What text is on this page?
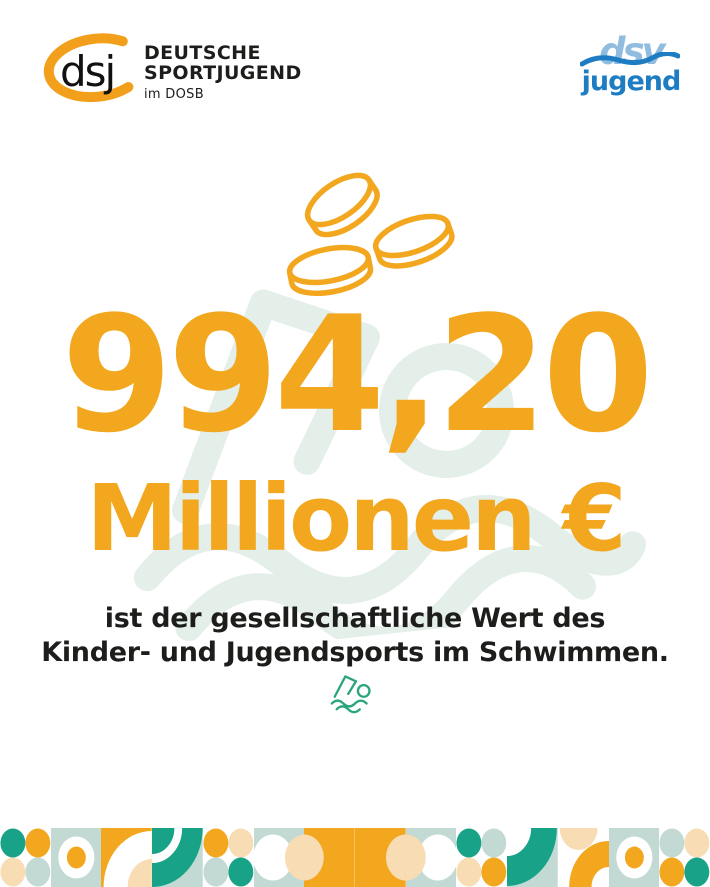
dsj DEUTSCHE
SPORTJUGEND
im DOSB
dsv
jugend
994,20
Millionen €
ist der gesellschaftliche Wert des
Kinder- und Jugendsports im Schwimmen.
